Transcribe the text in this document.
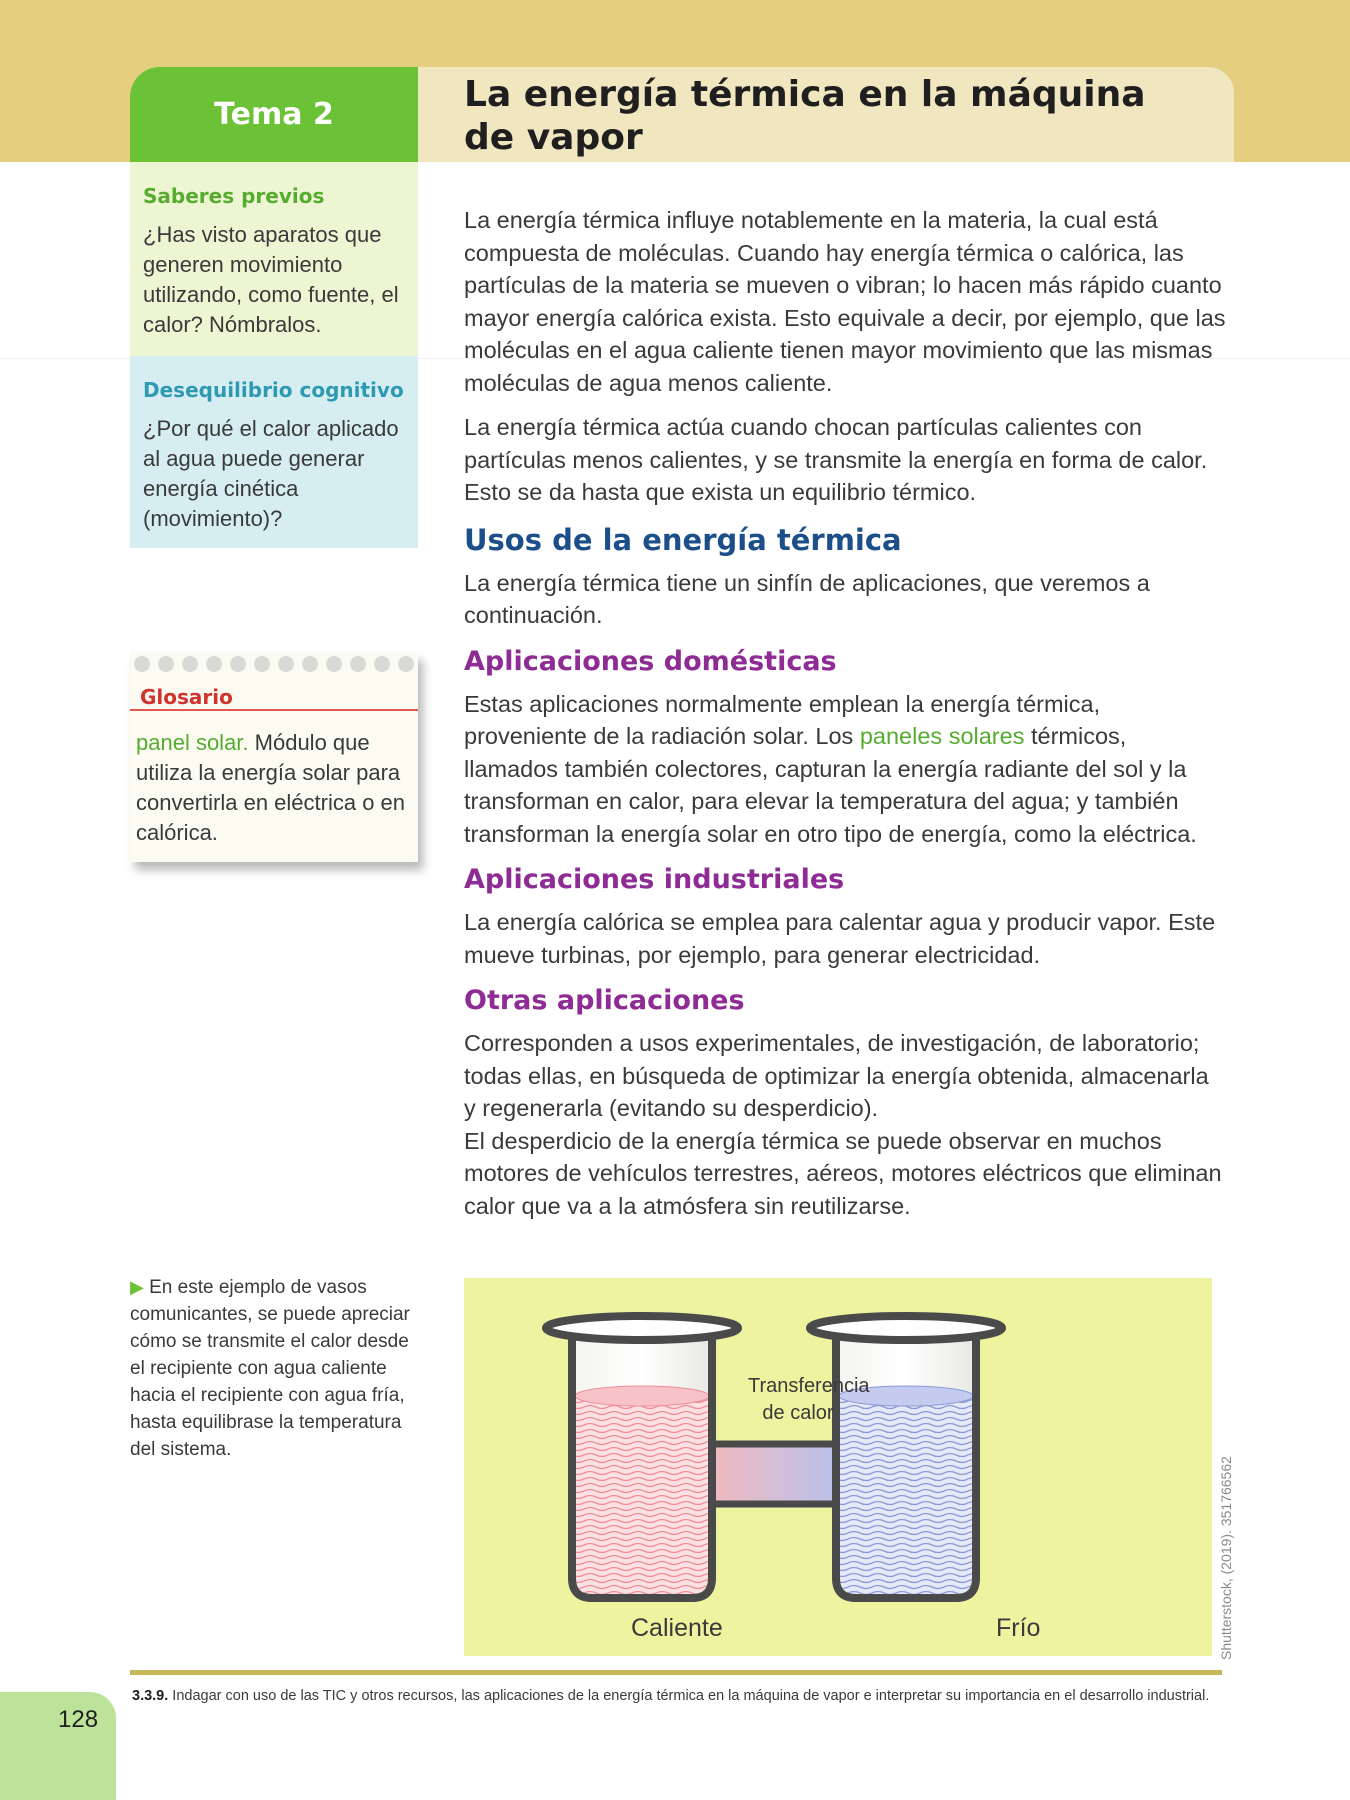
Tema 2	La energía térmica en la máquina
de vapor
Saberes previos
¿Has visto aparatos que generen movimiento utilizando, como fuente, el calor? Nómbralos.
Desequilibrio cognitivo
¿Por qué el calor aplicado al agua puede generar energía cinética (movimiento)?
Glosario
panel solar. Módulo que utiliza la energía solar para convertirla en eléctrica o en calórica.
▶ En este ejemplo de vasos comunicantes, se puede apreciar cómo se transmite el calor desde el recipiente con agua caliente hacia el recipiente con agua fría, hasta equilibrase la temperatura del sistema.

La energía térmica influye notablemente en la materia, la cual está compuesta de moléculas. Cuando hay energía térmica o calórica, las partículas de la materia se mueven o vibran; lo hacen más rápido cuanto mayor energía calórica exista. Esto equivale a decir, por ejemplo, que las moléculas en el agua caliente tienen mayor movimiento que las mismas moléculas de agua menos caliente.

La energía térmica actúa cuando chocan partículas calientes con partículas menos calientes, y se transmite la energía en forma de calor. Esto se da hasta que exista un equilibrio térmico.

Usos de la energía térmica

La energía térmica tiene un sinfín de aplicaciones, que veremos a continuación.

Aplicaciones domésticas

Estas aplicaciones normalmente emplean la energía térmica, proveniente de la radiación solar. Los paneles solares térmicos, llamados también colectores, capturan la energía radiante del sol y la transforman en calor, para elevar la temperatura del agua; y también transforman la energía solar en otro tipo de energía, como la eléctrica.

Aplicaciones industriales

La energía calórica se emplea para calentar agua y producir vapor. Este mueve turbinas, por ejemplo, para generar electricidad.

Otras aplicaciones

Corresponden a usos experimentales, de investigación, de laboratorio; todas ellas, en búsqueda de optimizar la energía obtenida, almacenarla y regenerarla (evitando su desperdicio).

El desperdicio de la energía térmica se puede observar en muchos motores de vehículos terrestres, aéreos, motores eléctricos que eliminan calor que va a la atmósfera sin reutilizarse.

Transferencia
de calor
Caliente	Frío	Shutterstock, (2019). 351766562
128
3.3.9. Indagar con uso de las TIC y otros recursos, las aplicaciones de la energía térmica en la máquina de vapor e interpretar su importancia en el desarrollo industrial.
